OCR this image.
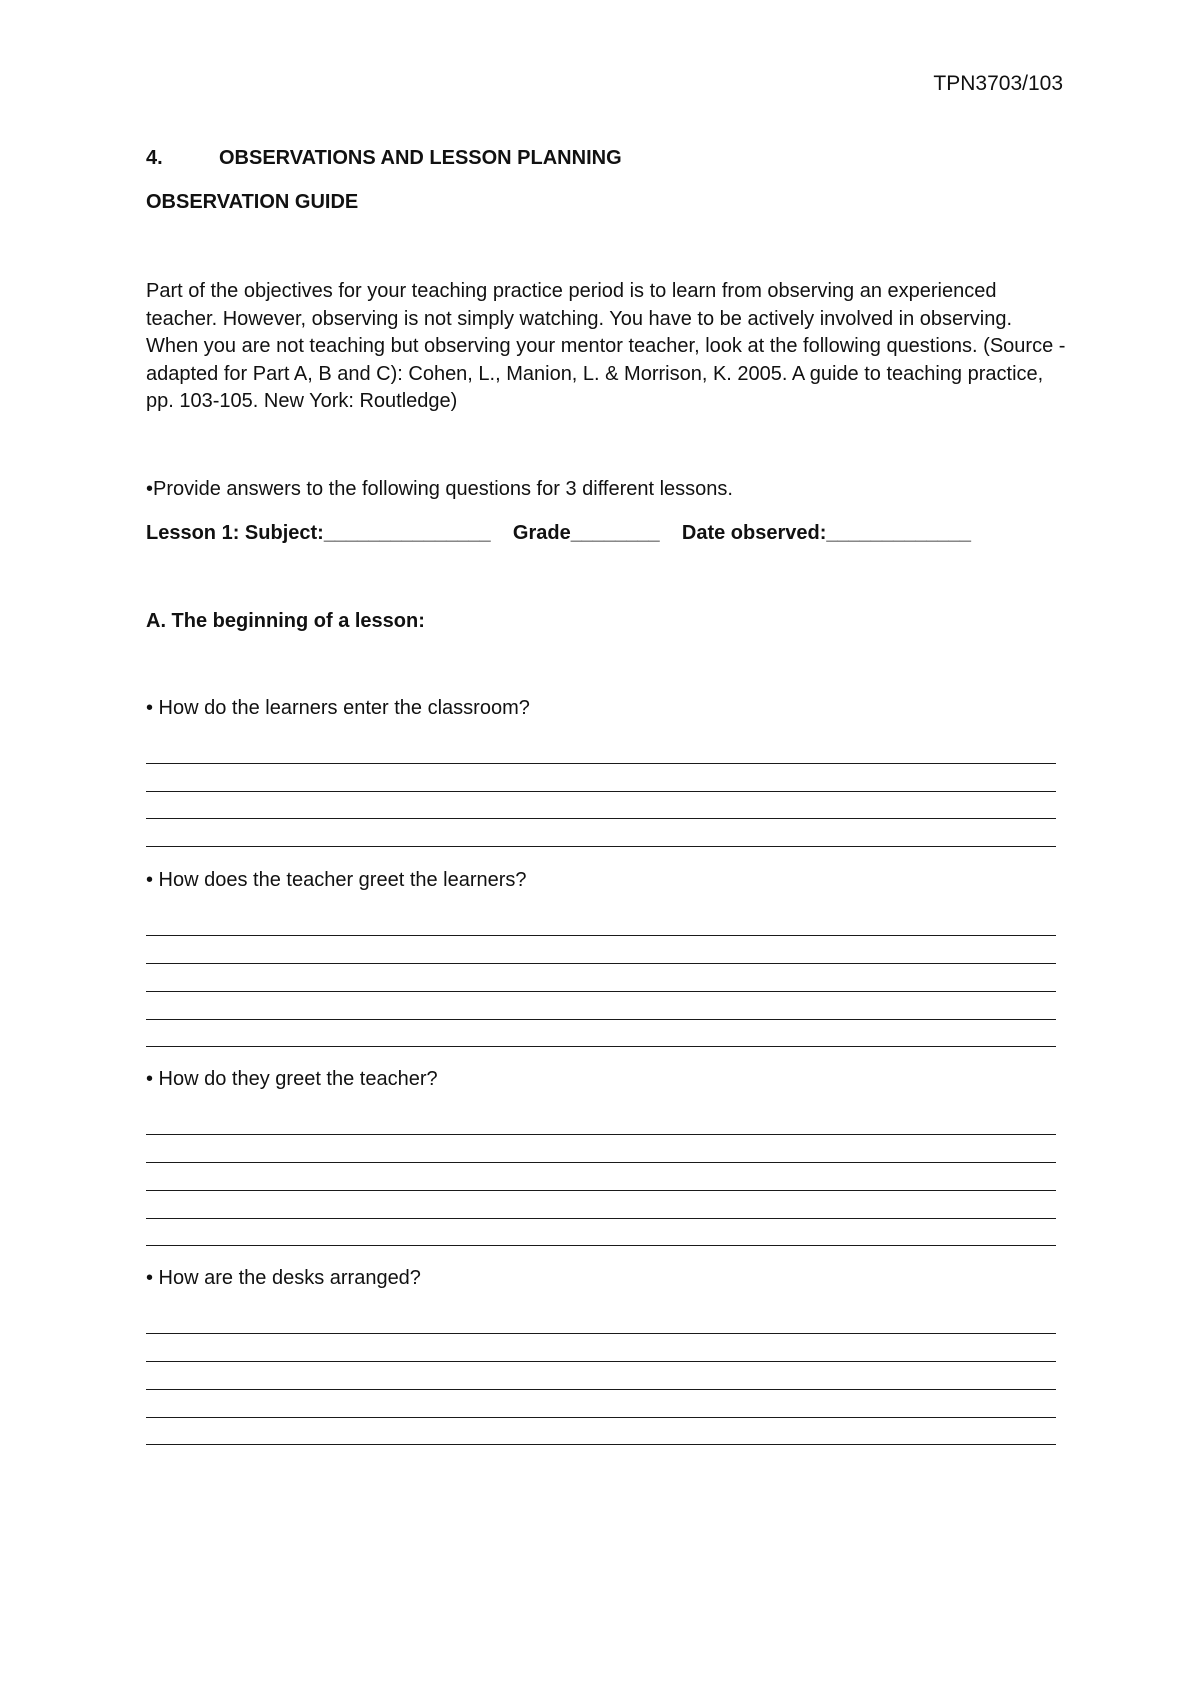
TPN3703/103
4.	OBSERVATIONS AND LESSON PLANNING
OBSERVATION GUIDE

Part of the objectives for your teaching practice period is to learn from observing an experienced teacher. However, observing is not simply watching. You have to be actively involved in observing. When you are not teaching but observing your mentor teacher, look at the following questions. (Source - adapted for Part A, B and C): Cohen, L., Manion, L. & Morrison, K. 2005. A guide to teaching practice, pp. 103-105. New York: Routledge)

•Provide answers to the following questions for 3 different lessons.
Lesson 1: Subject:_______________    Grade________    Date observed:_____________
A. The beginning of a lesson:
• How do the learners enter the classroom?
• How does the teacher greet the learners?
• How do they greet the teacher?
• How are the desks arranged?
